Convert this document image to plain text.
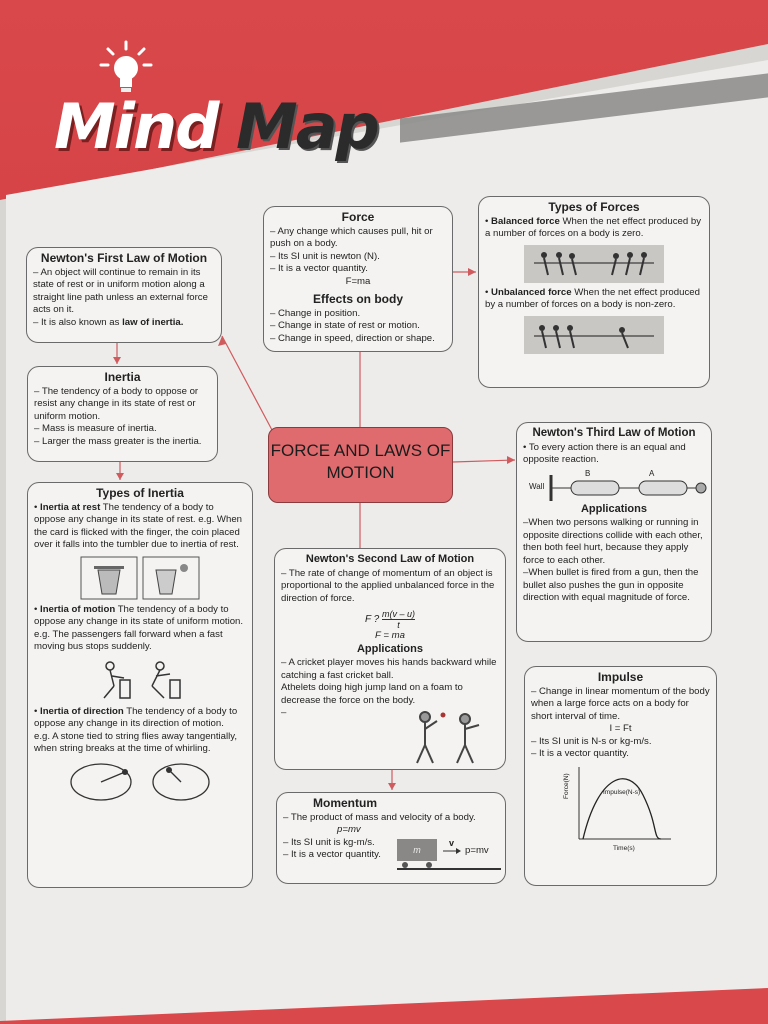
Mind Map
Force
– Any change which causes pull, hit or push on a body.
– Its SI unit is newton (N).
– It is a vector quantity.

F=ma

Effects on body
– Change in position.
– Change in state of rest or motion.
– Change in speed, direction or shape.
Types of Forces

• Balanced force When the net effect produced by a number of forces on a body is zero.

• Unbalanced force When the net effect produced by a number of forces on a body is non-zero.

Newton's First Law of Motion

– An object will continue to remain in its state of rest or in uniform motion along a straight line path unless an external force acts on it.

– It is also known as law of inertia.

Inertia
– The tendency of a body to oppose or resist any change in its state of rest or uniform motion.
– Mass is measure of inertia.
– Larger the mass greater is the inertia.	FORCE AND LAWS OF MOTION
Types of Inertia

• Inertia at rest The tendency of a body to oppose any change in its state of rest. e.g. When the card is flicked with the finger, the coin placed over it falls into the tumbler due to inertia of rest.

• Inertia of motion The tendency of a body to oppose any change in its state of uniform motion.

e.g. The passengers fall forward when a fast moving bus stops suddenly.

• Inertia of direction The tendency of a body to oppose any change in its direction of motion.

e.g. A stone tied to string flies away tangentially, when string breaks at the time of whirling.

Newton's Second Law of Motion

– The rate of change of momentum of an object is proportional to the applied unbalanced force in the direction of force.

F ? $\frac{m(v - u)}{t}$

F = ma

Applications
– A cricket player moves his hands backward while catching a fast cricket ball.
Athelets doing high jump land on a foam to decrease the force on the body.
–
Newton's Third Law of Motion

• To every action there is an equal and opposite reaction.

Wall
B	A
Applications
–When two persons walking or running in opposite directions collide with each other, then both feel hurt, because they apply force to each other.
–When bullet is fired from a gun, then the bullet also pushes the gun in opposite direction with equal magnitude of force.
Impulse
– Change in linear momentum of the body when a large force acts on a body for short interval of time.
I = Ft
– Its SI unit is N-s or kg-m/s.
– It is a vector quantity.
Force(N)
Time(s)
Impulse(N-s)
Momentum

– The product of mass and velocity of a body.

p=mv

– Its SI unit is kg-m/s.
– It is a vector quantity.	m
v
p=mv
